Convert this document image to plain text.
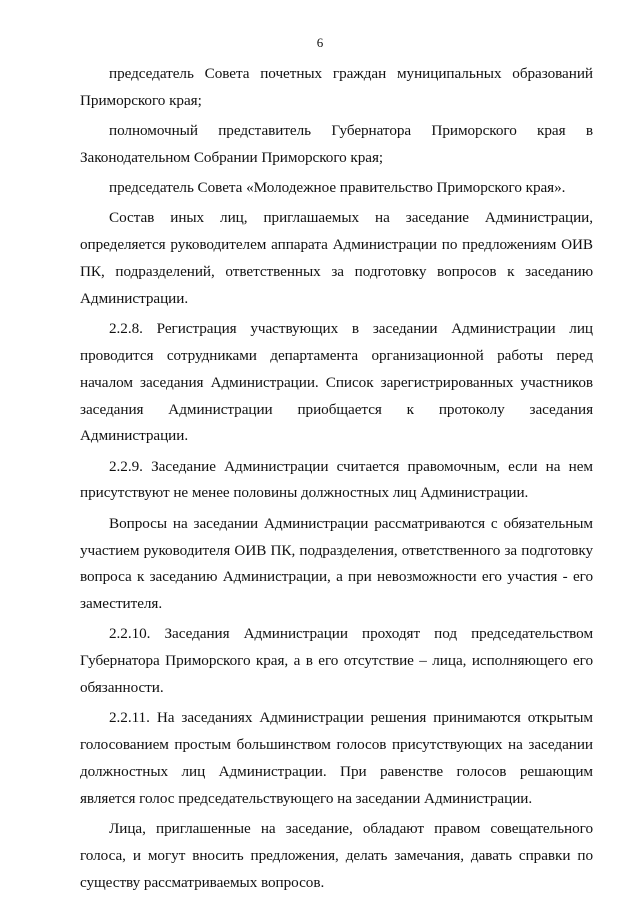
6

председатель Совета почетных граждан муниципальных образований Приморского края;

полномочный представитель Губернатора Приморского края в Законодательном Собрании Приморского края;

председатель Совета «Молодежное правительство Приморского края».

Состав иных лиц, приглашаемых на заседание Администрации, определяется руководителем аппарата Администрации по предложениям ОИВ ПК, подразделений, ответственных за подготовку вопросов к заседанию Администрации.

2.2.8. Регистрация участвующих в заседании Администрации лиц проводится сотрудниками департамента организационной работы перед началом заседания Администрации. Список зарегистрированных участников заседания Администрации приобщается к протоколу заседания Администрации.

2.2.9. Заседание Администрации считается правомочным, если на нем присутствуют не менее половины должностных лиц Администрации.

Вопросы на заседании Администрации рассматриваются с обязательным участием руководителя ОИВ ПК, подразделения, ответственного за подготовку вопроса к заседанию Администрации, а при невозможности его участия - его заместителя.

2.2.10. Заседания Администрации проходят под председательством Губернатора Приморского края, а в его отсутствие – лица, исполняющего его обязанности.

2.2.11. На заседаниях Администрации решения принимаются открытым голосованием простым большинством голосов присутствующих на заседании должностных лиц Администрации. При равенстве голосов решающим является голос председательствующего на заседании Администрации.

Лица, приглашенные на заседание, обладают правом совещательного голоса, и могут вносить предложения, делать замечания, давать справки по существу рассматриваемых вопросов.
